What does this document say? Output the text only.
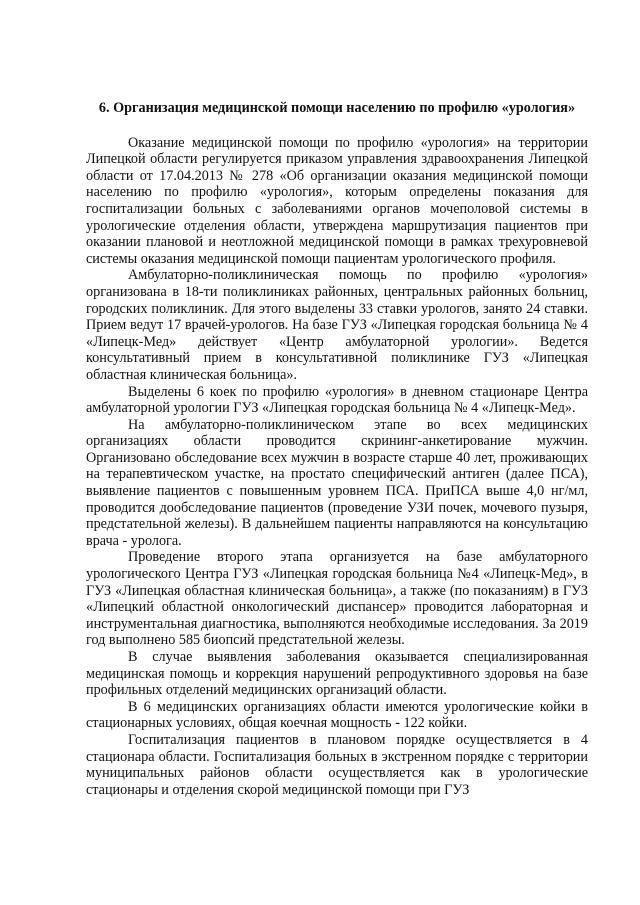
6. Организация медицинской помощи населению по профилю «урология»

Оказание медицинской помощи по профилю «урология» на территории Липецкой области регулируется приказом управления здравоохранения Липецкой области от 17.04.2013 № 278 «Об организации оказания медицинской помощи населению по профилю «урология», которым определены показания для госпитализации больных с заболеваниями органов мочеполовой системы в урологические отделения области, утверждена маршрутизация пациентов при оказании плановой и неотложной медицинской помощи в рамках трехуровневой системы оказания медицинской помощи пациентам урологического профиля.

Амбулаторно-поликлиническая помощь по профилю «урология» организована в 18-ти поликлиниках районных, центральных районных больниц, городских поликлиник. Для этого выделены 33 ставки урологов, занято 24 ставки. Прием ведут 17 врачей-урологов. На базе ГУЗ «Липецкая городская больница № 4 «Липецк-Мед» действует «Центр амбулаторной урологии». Ведется консультативный прием в консультативной поликлинике ГУЗ «Липецкая областная клиническая больница».

Выделены 6 коек по профилю «урология» в дневном стационаре Центра амбулаторной урологии ГУЗ «Липецкая городская больница № 4 «Липецк-Мед».

На амбулаторно-поликлиническом этапе во всех медицинских организациях области проводится скрининг-анкетирование мужчин. Организовано обследование всех мужчин в возрасте старше 40 лет, проживающих на терапевтическом участке, на простато специфический антиген (далее ПСА), выявление пациентов с повышенным уровнем ПСА. ПриПСА выше 4,0 нг/мл, проводится дообследование пациентов (проведение УЗИ почек, мочевого пузыря, предстательной железы). В дальнейшем пациенты направляются на консультацию врача - уролога.

Проведение второго этапа организуется на базе амбулаторного урологического Центра ГУЗ «Липецкая городская больница №4 «Липецк-Мед», в ГУЗ «Липецкая областная клиническая больница», а также (по показаниям) в ГУЗ «Липецкий областной онкологический диспансер» проводится лабораторная и инструментальная диагностика, выполняются необходимые исследования. За 2019 год выполнено 585 биопсий предстательной железы.

В случае выявления заболевания оказывается специализированная медицинская помощь и коррекция нарушений репродуктивного здоровья на базе профильных отделений медицинских организаций области.

В 6 медицинских организациях области имеются урологические койки в стационарных условиях, общая коечная мощность - 122 койки.

Госпитализация пациентов в плановом порядке осуществляется в 4 стационара области. Госпитализация больных в экстренном порядке с территории муниципальных районов области осуществляется как в урологические стационары и отделения скорой медицинской помощи при ГУЗ
